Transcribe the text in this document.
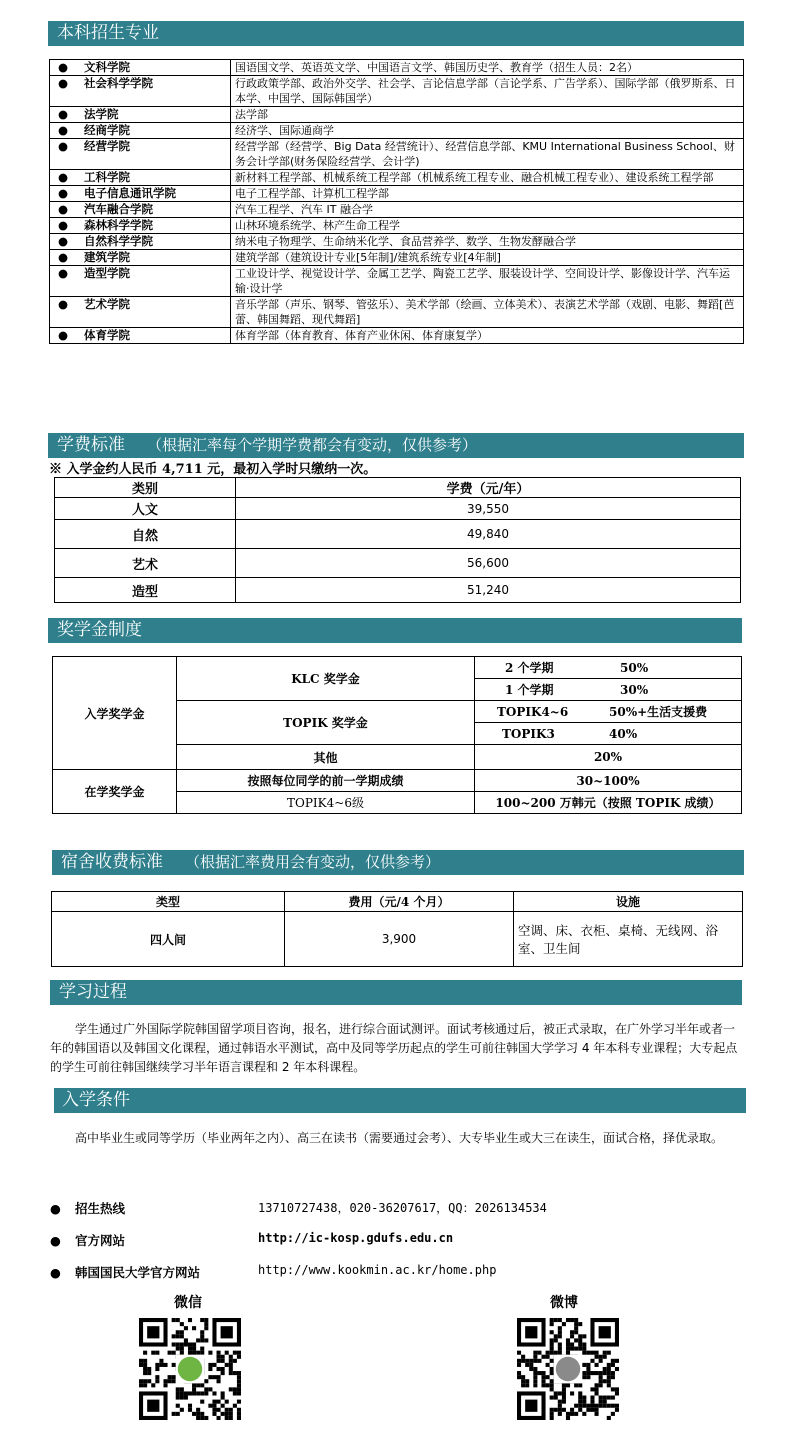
本科招生专业
● 文科学院	国语国文学、英语英文学、中国语言文学、韩国历史学、教育学（招生人员：2名）
● 社会科学学院	行政政策学部、政治外交学、社会学、言论信息学部（言论学系、广告学系）、国际学部（俄罗斯系、日本学、中国学、国际韩国学）
● 法学院	法学部
● 经商学院	经济学、国际通商学
● 经营学院	经营学部（经营学、Big Data 经营统计）、经营信息学部、KMU International Business School、财务会计学部(财务保险经营学、会计学)
● 工科学院	新材料工程学部、机械系统工程学部（机械系统工程专业、融合机械工程专业）、建设系统工程学部
● 电子信息通讯学院	电子工程学部、计算机工程学部
● 汽车融合学院	汽车工程学、汽车 IT 融合学
● 森林科学学院	山林环境系统学、林产生命工程学
● 自然科学学院	纳米电子物理学、生命纳米化学、食品营养学、数学、生物发酵融合学
● 建筑学院	建筑学部（建筑设计专业[5年制]/建筑系统专业[4年制]
● 造型学院	工业设计学、视觉设计学、金属工艺学、陶瓷工艺学、服装设计学、空间设计学、影像设计学、汽车运输·设计学
● 艺术学院	音乐学部（声乐、钢琴、管弦乐）、美术学部（绘画、立体美术）、表演艺术学部（戏剧、电影、舞蹈[芭蕾、韩国舞蹈、现代舞蹈]
● 体育学院	体育学部（体育教育、体育产业休闲、体育康复学）
学费标准 （根据汇率每个学期学费都会有变动，仅供参考）
※ 入学金约人民币 4,711 元，最初入学时只缴纳一次。
类别	学费（元/年）
人文	39,550
自然	49,840
艺术	56,600
造型	51,240
奖学金制度
入学奖学金	KLC 奖学金	2 个学期 50%
		1 个学期 30%
	TOPIK 奖学金	TOPIK4~6 50%+生活支援费
		TOPIK3 40%
	其他	20%
在学奖学金	按照每位同学的前一学期成绩	30~100%
	TOPIK4~6级	100~200 万韩元（按照 TOPIK 成绩）
宿舍收费标准 （根据汇率费用会有变动，仅供参考）
类型	费用（元/4 个月）	设施
四人间	3,900	空调、床、衣柜、桌椅、无线网、浴室、卫生间
学习过程
学生通过广外国际学院韩国留学项目咨询，报名，进行综合面试测评。面试考核通过后，被正式录取，在广外学习半年或者一年的韩国语以及韩国文化课程，通过韩语水平测试，高中及同等学历起点的学生可前往韩国大学学习 4 年本科专业课程；大专起点的学生可前往韩国继续学习半年语言课程和 2 年本科课程。
入学条件
高中毕业生或同等学历（毕业两年之内）、高三在读书（需要通过会考）、大专毕业生或大三在读生，面试合格，择优录取。
● 招生热线	13710727438，020-36207617，QQ：2026134534
● 官方网站	http://ic-kosp.gdufs.edu.cn
● 韩国国民大学官方网站	http://www.kookmin.ac.kr/home.php
微信	微博
